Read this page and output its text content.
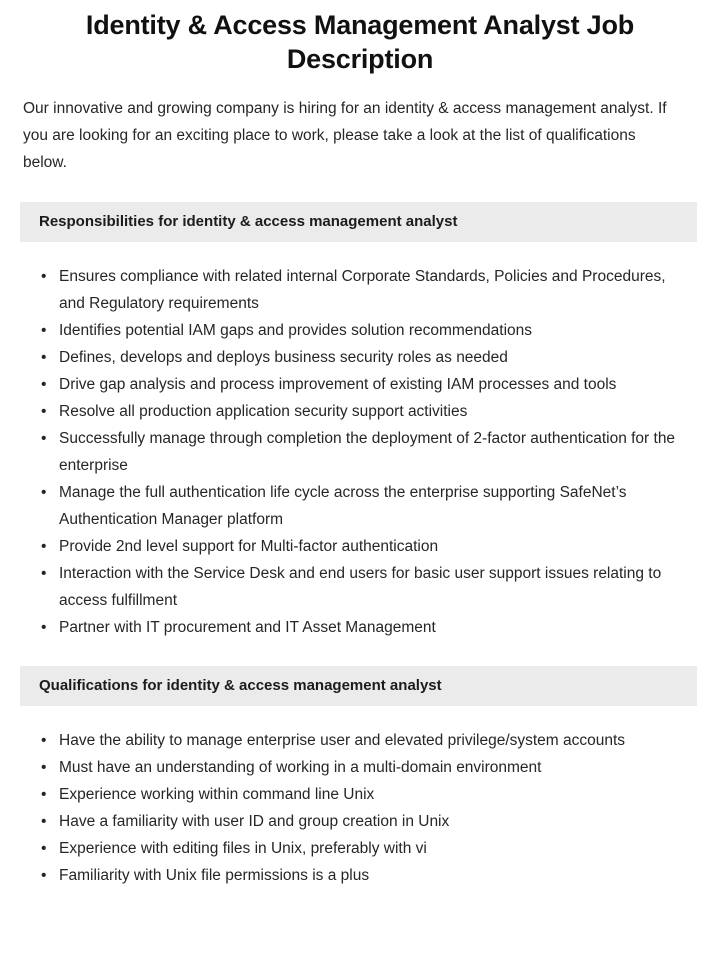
Identity & Access Management Analyst Job Description

Our innovative and growing company is hiring for an identity & access management analyst. If you are looking for an exciting place to work, please take a look at the list of qualifications below.

Responsibilities for identity & access management analyst
• Ensures compliance with related internal Corporate Standards, Policies and Procedures, and Regulatory requirements
• Identifies potential IAM gaps and provides solution recommendations
• Defines, develops and deploys business security roles as needed
• Drive gap analysis and process improvement of existing IAM processes and tools
• Resolve all production application security support activities
• Successfully manage through completion the deployment of 2-factor authentication for the enterprise
• Manage the full authentication life cycle across the enterprise supporting SafeNet’s Authentication Manager platform
• Provide 2nd level support for Multi-factor authentication
• Interaction with the Service Desk and end users for basic user support issues relating to access fulfillment
• Partner with IT procurement and IT Asset Management
Qualifications for identity & access management analyst
• Have the ability to manage enterprise user and elevated privilege/system accounts
• Must have an understanding of working in a multi-domain environment
• Experience working within command line Unix
• Have a familiarity with user ID and group creation in Unix
• Experience with editing files in Unix, preferably with vi
• Familiarity with Unix file permissions is a plus
